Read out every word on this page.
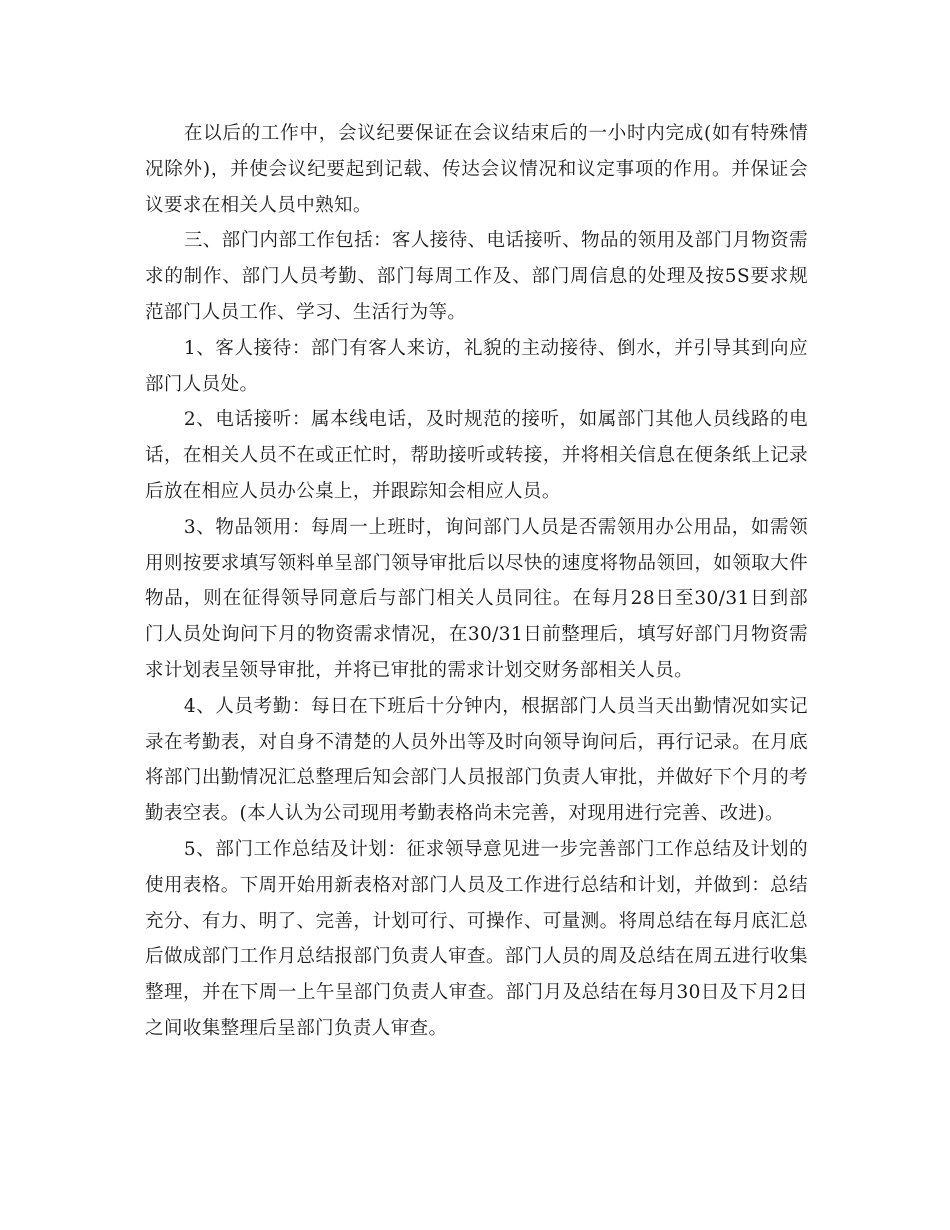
在以后的工作中，会议纪要保证在会议结束后的一小时内完成(如有特殊情况除外)，并使会议纪要起到记载、传达会议情况和议定事项的作用。并保证会议要求在相关人员中熟知。

三、部门内部工作包括：客人接待、电话接听、物品的领用及部门月物资需求的制作、部门人员考勤、部门每周工作及、部门周信息的处理及按5S要求规范部门人员工作、学习、生活行为等。

1、客人接待：部门有客人来访，礼貌的主动接待、倒水，并引导其到向应部门人员处。

2、电话接听：属本线电话，及时规范的接听，如属部门其他人员线路的电话，在相关人员不在或正忙时，帮助接听或转接，并将相关信息在便条纸上记录后放在相应人员办公桌上，并跟踪知会相应人员。

3、物品领用：每周一上班时，询问部门人员是否需领用办公用品，如需领用则按要求填写领料单呈部门领导审批后以尽快的速度将物品领回，如领取大件物品，则在征得领导同意后与部门相关人员同往。在每月28日至30/31日到部门人员处询问下月的物资需求情况，在30/31日前整理后，填写好部门月物资需求计划表呈领导审批，并将已审批的需求计划交财务部相关人员。

4、人员考勤：每日在下班后十分钟内，根据部门人员当天出勤情况如实记录在考勤表，对自身不清楚的人员外出等及时向领导询问后，再行记录。在月底将部门出勤情况汇总整理后知会部门人员报部门负责人审批，并做好下个月的考勤表空表。(本人认为公司现用考勤表格尚未完善，对现用进行完善、改进)。

5、部门工作总结及计划：征求领导意见进一步完善部门工作总结及计划的使用表格。下周开始用新表格对部门人员及工作进行总结和计划，并做到：总结充分、有力、明了、完善，计划可行、可操作、可量测。将周总结在每月底汇总后做成部门工作月总结报部门负责人审查。部门人员的周及总结在周五进行收集整理，并在下周一上午呈部门负责人审查。部门月及总结在每月30日及下月2日之间收集整理后呈部门负责人审查。
